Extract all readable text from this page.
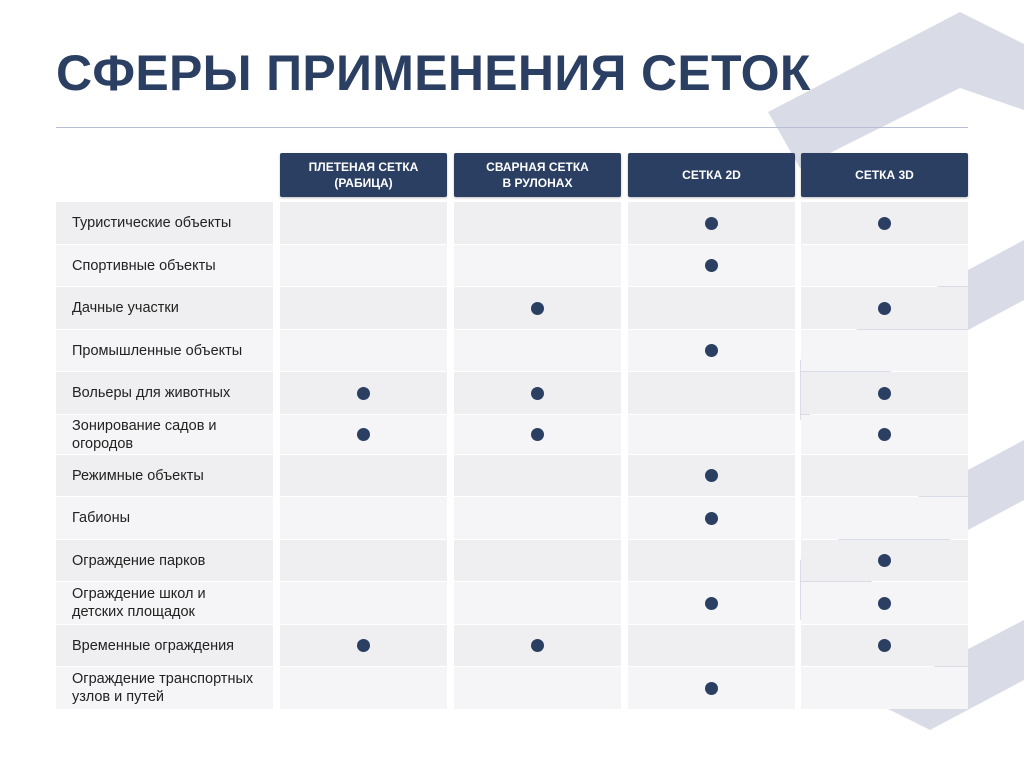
СФЕРЫ ПРИМЕНЕНИЯ СЕТОК
ПЛЕТЕНАЯ СЕТКА
(РАБИЦА)
СВАРНАЯ СЕТКА
В РУЛОНАХ
СЕТКА 2D	СЕТКА 3D
Туристические объекты
Спортивные объекты
Дачные участки
Промышленные объекты
Вольеры для животных
Зонирование садов и
огородов
Режимные объекты
Габионы
Ограждение парков
Ограждение школ и
детских площадок
Временные ограждения
Ограждение транспортных
узлов и путей
